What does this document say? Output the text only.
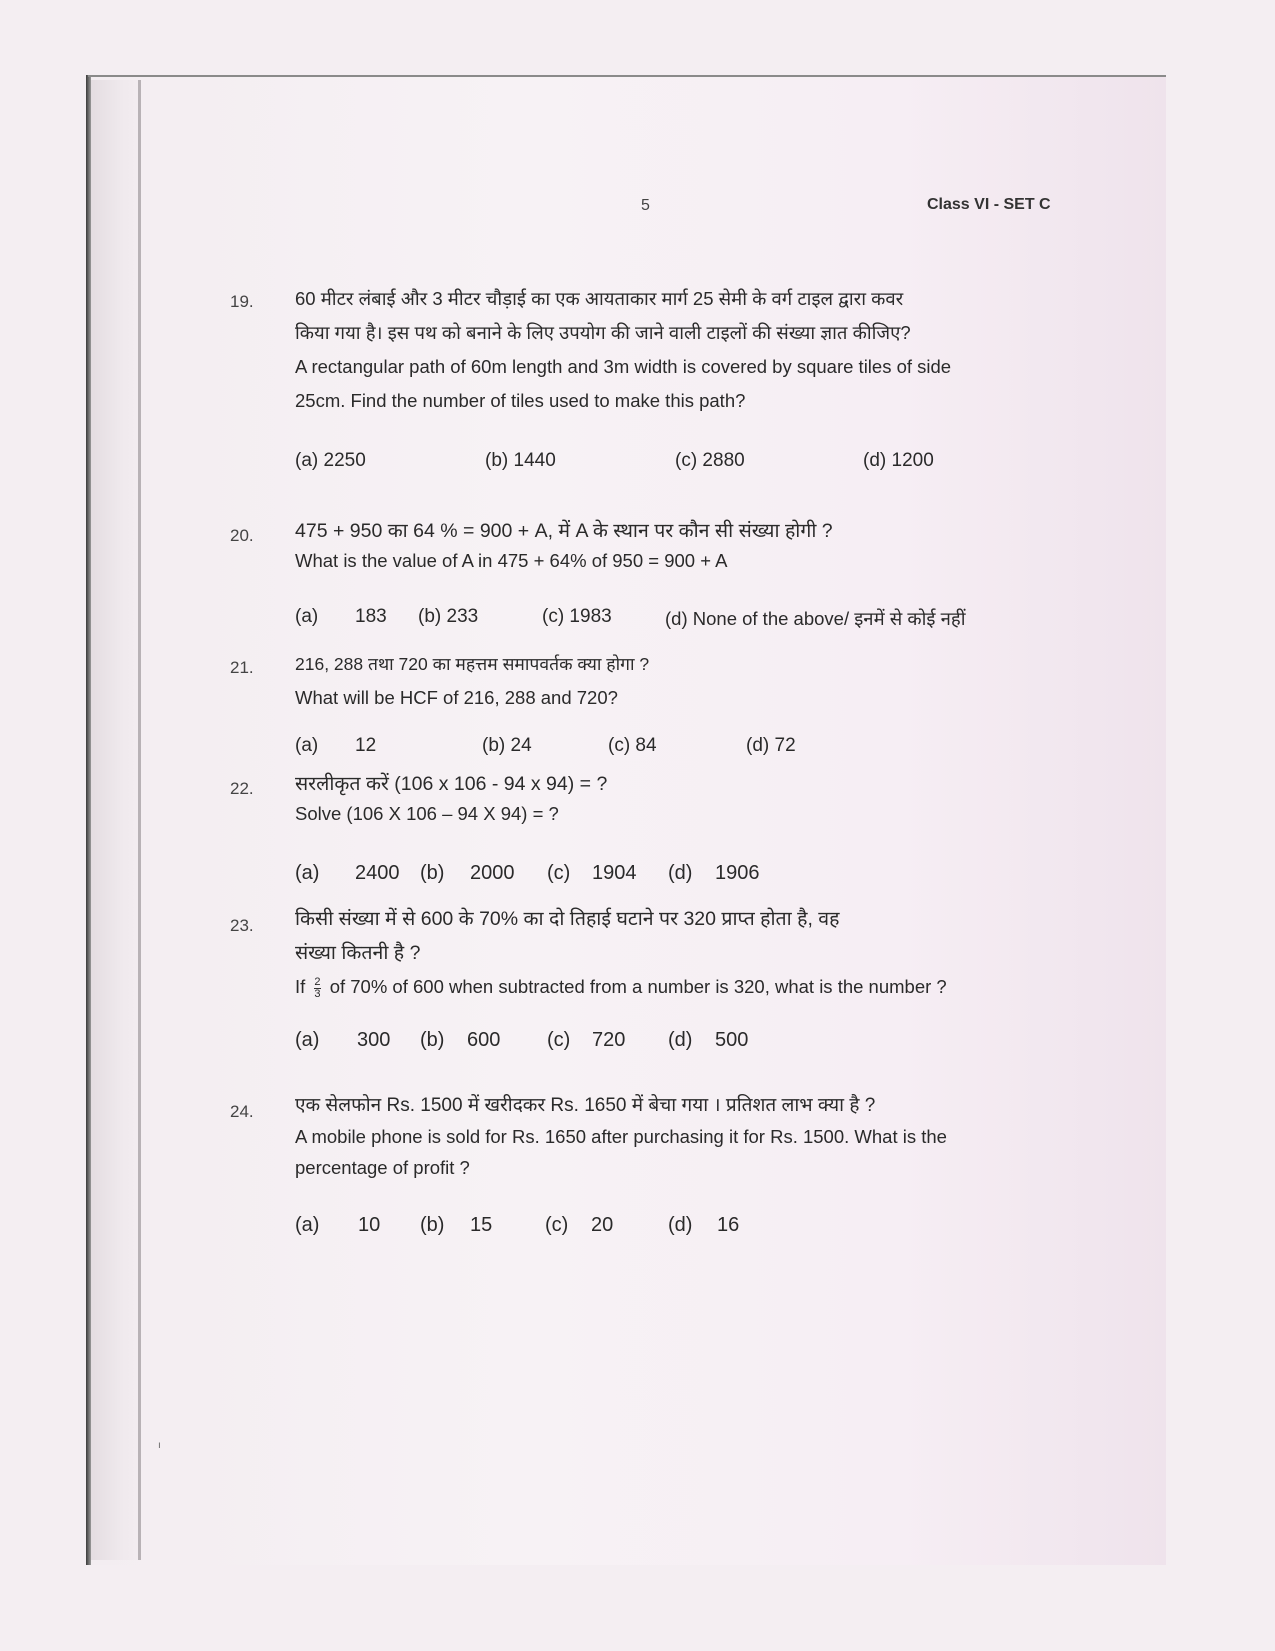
5	Class VI - SET C
19. 60 मीटर लंबाई और 3 मीटर चौड़ाई का एक आयताकार मार्ग 25 सेमी के वर्ग टाइल द्वारा कवर
किया गया है। इस पथ को बनाने के लिए उपयोग की जाने वाली टाइलों की संख्या ज्ञात कीजिए?
A rectangular path of 60m length and 3m width is covered by square tiles of side
25cm. Find the number of tiles used to make this path?
(a) 2250	(b) 1440	(c) 2880	(d) 1200
20. 475 + 950 का 64 % = 900 + A, में A के स्थान पर कौन सी संख्या होगी ?
What is the value of A in 475 + 64% of 950 = 900 + A
(a) 183 (b) 233	(c) 1983	(d) None of the above/ इनमें से कोई नहीं
21. 216, 288 तथा 720 का महत्तम समापवर्तक क्या होगा ?
What will be HCF of 216, 288 and 720?
(a) 12	(b) 24	(c) 84	(d) 72
22. सरलीकृत करें (106 x 106 - 94 x 94) = ?
Solve (106 X 106 – 94 X 94) = ?
(a) 2400 (b) 2000 (c) 1904 (d) 1906
23. किसी संख्या में से 600 के 70% का दो तिहाई घटाने पर 320 प्राप्त होता है, वह
संख्या कितनी है ?
If $\frac{2}{3}$ of 70% of 600 when subtracted from a number is 320, what is the number ?
(a) 300 (b) 600 (c) 720 (d) 500
24. एक सेलफोन Rs. 1500 में खरीदकर Rs. 1650 में बेचा गया । प्रतिशत लाभ क्या है ?
A mobile phone is sold for Rs. 1650 after purchasing it for Rs. 1500. What is the
percentage of profit ?
(a) 10 (b) 15	(c) 20	(d) 16
ı
